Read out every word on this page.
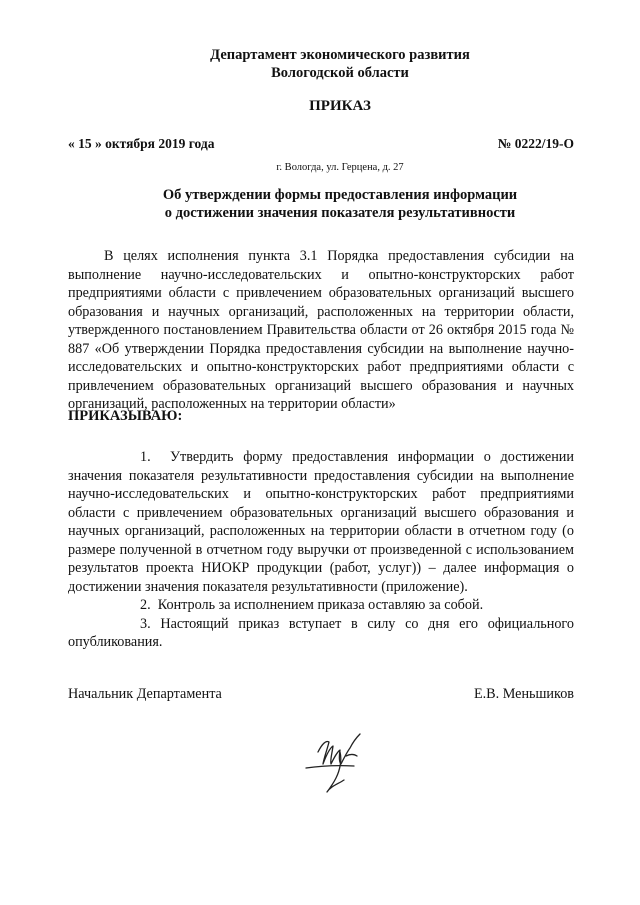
Департамент экономического развития
Вологодской области
ПРИКАЗ
« 15 » октября 2019 года	№ 0222/19-О
г. Вологда, ул. Герцена, д. 27
Об утверждении формы предоставления информации
о достижении значения показателя результативности
В целях исполнения пункта 3.1 Порядка предоставления субсидии на выполнение научно-исследовательских и опытно-конструкторских работ предприятиями области с привлечением образовательных организаций высшего образования и научных организаций, расположенных на территории области, утвержденного постановлением Правительства области от 26 октября 2015 года № 887 «Об утверждении Порядка предоставления субсидии на выполнение научно-исследовательских и опытно-конструкторских работ предприятиями области с привлечением образовательных организаций высшего образования и научных организаций, расположенных на территории области»
ПРИКАЗЫВАЮ:

1. Утвердить форму предоставления информации о достижении значения показателя результативности предоставления субсидии на выполнение научно-исследовательских и опытно-конструкторских работ предприятиями области с привлечением образовательных организаций высшего образования и научных организаций, расположенных на территории области в отчетном году (о размере полученной в отчетном году выручки от произведенной с использованием результатов проекта НИОКР продукции (работ, услуг)) – далее информация о достижении значения показателя результативности (приложение).

2. Контроль за исполнением приказа оставляю за собой.

3. Настоящий приказ вступает в силу со дня его официального опубликования.

Начальник Департамента	Е.В. Меньшиков
